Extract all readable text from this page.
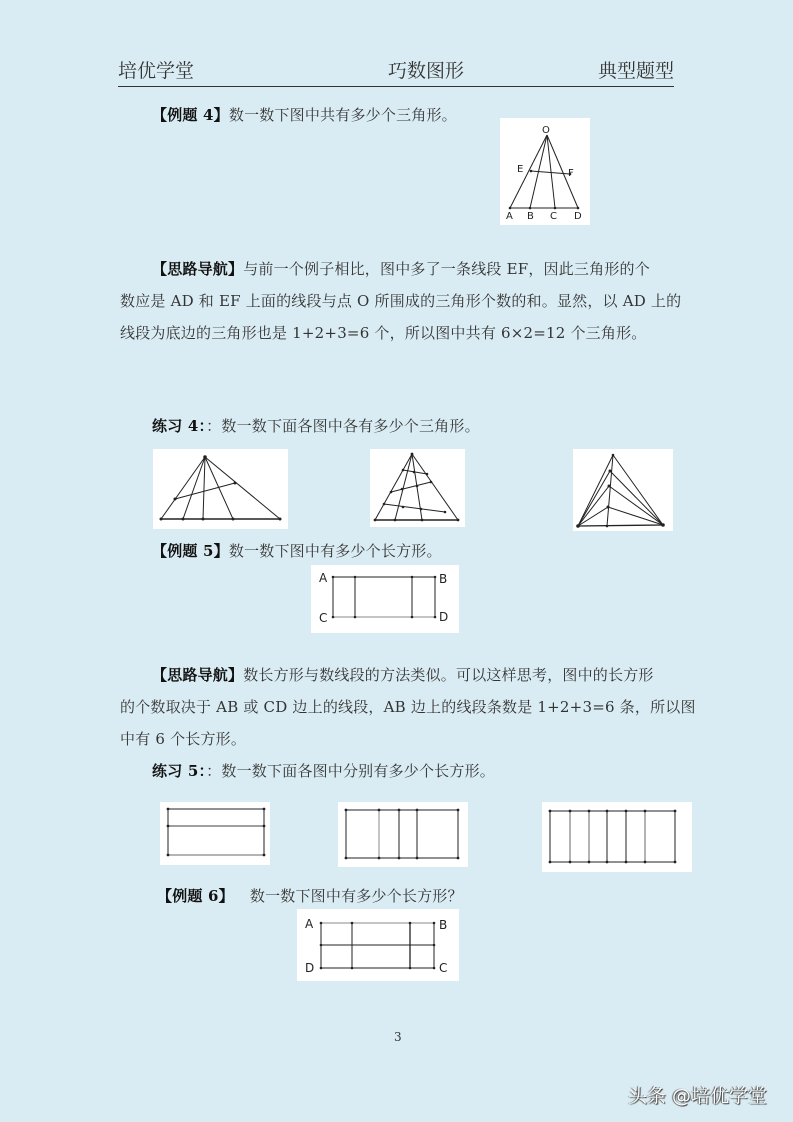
培优学堂	巧数图形	典型题型
【例题 4】数一数下图中共有多少个三角形。
O
E	F
A B C D
【思路导航】与前一个例子相比，图中多了一条线段 EF，因此三角形的个
数应是 AD 和 EF 上面的线段与点 O 所围成的三角形个数的和。显然，以 AD 上的
线段为底边的三角形也是 1+2+3=6 个，所以图中共有 6×2=12 个三角形。
练习 4：：数一数下面各图中各有多少个三角形。
【例题 5】数一数下图中有多少个长方形。
A	B
C	D
【思路导航】数长方形与数线段的方法类似。可以这样思考，图中的长方形
的个数取决于 AB 或 CD 边上的线段，AB 边上的线段条数是 1+2+3=6 条，所以图
中有 6 个长方形。
练习 5：：数一数下面各图中分别有多少个长方形。
【例题 6】 数一数下图中有多少个长方形？
A	B
D	C
3
头条 @培优学堂
